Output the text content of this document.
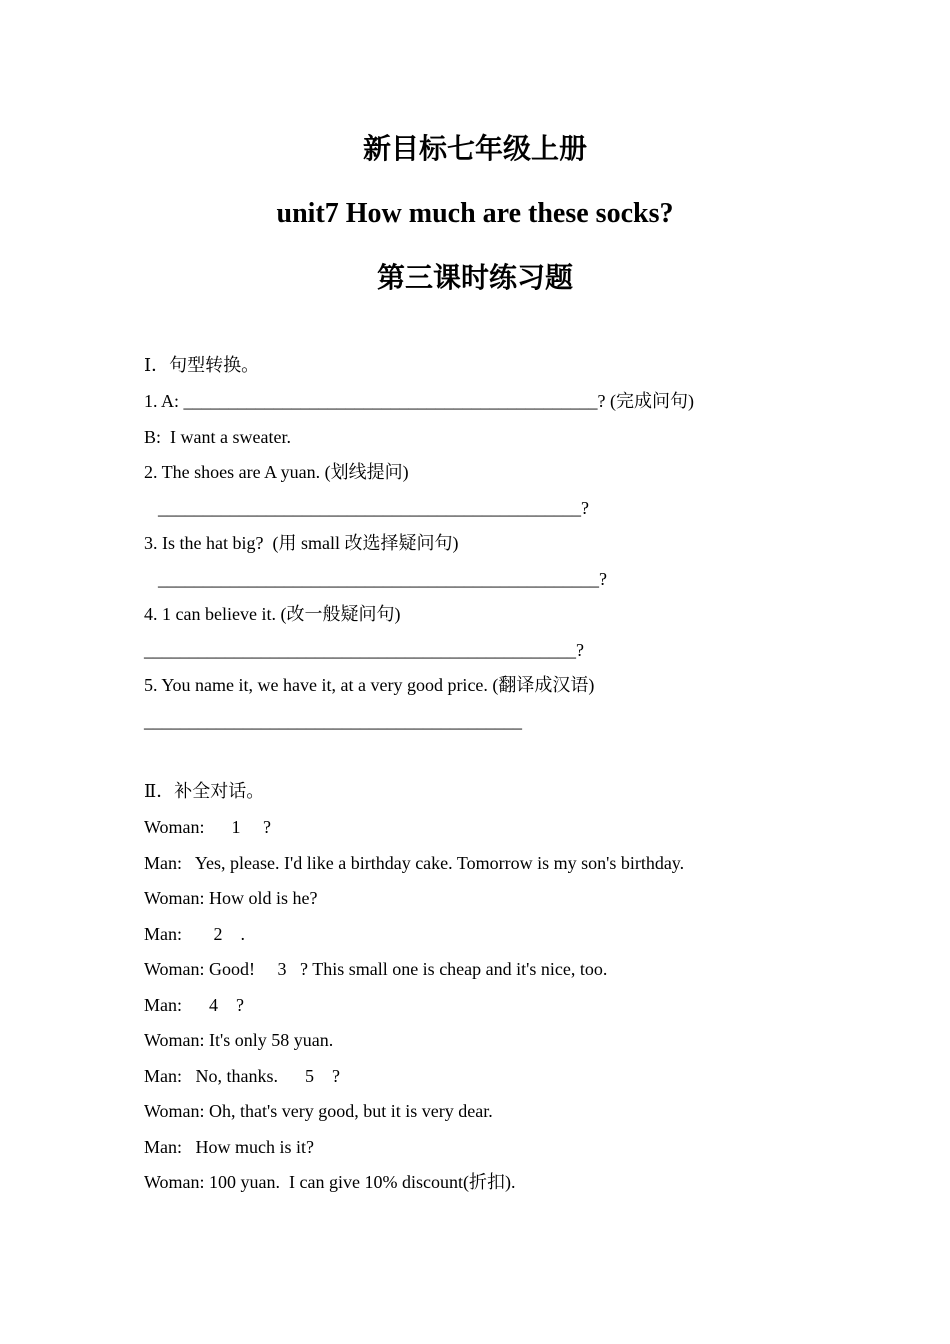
新目标七年级上册
unit7 How much are these socks?
第三课时练习题
Ⅰ．句型转换。
1. A: ______________________________________________? (完成问句)
B:  I want a sweater.
2. The shoes are A yuan. (划线提问)
_______________________________________________?
3. Is the hat big?  (用 small 改选择疑问句)
_________________________________________________?
4. 1 can believe it. (改一般疑问句)
________________________________________________?
5. You name it, we have it, at a very good price. (翻译成汉语)
__________________________________________
Ⅱ．补全对话。
Woman:      1     ?
Man:   Yes, please. I'd like a birthday cake. Tomorrow is my son's birthday.
Woman: How old is he?
Man:       2    .
Woman: Good!     3   ? This small one is cheap and it's nice, too.
Man:      4    ?
Woman: It's only 58 yuan.
Man:   No, thanks.      5    ?
Woman: Oh, that's very good, but it is very dear.
Man:   How much is it?
Woman: 100 yuan.  I can give 10% discount(折扣).
